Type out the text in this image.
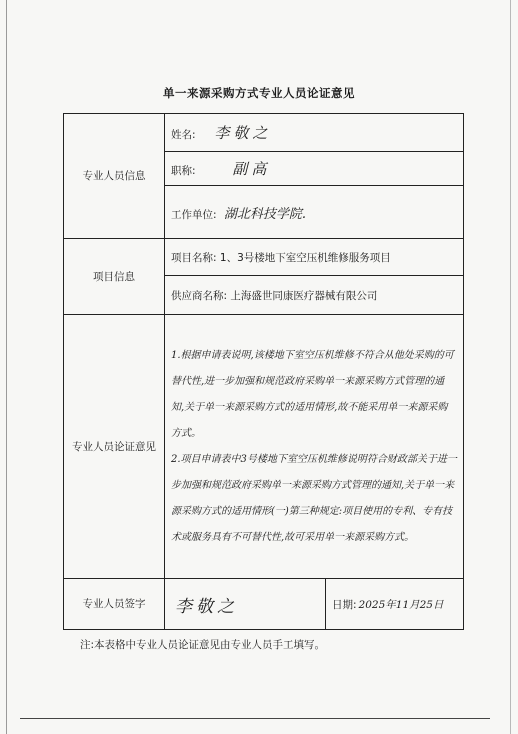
单一来源采购方式专业人员论证意见
专业人员信息	姓名: 李敬之
	职称: 副高
	工作单位: 湖北科技学院.
项目信息	项目名称: 1、3号楼地下室空压机维修服务项目
	供应商名称: 上海盛世同康医疗器械有限公司
专业人员论证意见	1.根据申请表说明,该楼地下室空压机维修不符合从他处采购的可替代性,进一步加强和规范政府采购单一来源采购方式管理的通知,关于单一来源采购方式的适用情形,故不能采用单一来源采购方式。

2.项目申请表中3号楼地下室空压机维修说明符合财政部关于进一步加强和规范政府采购单一来源采购方式管理的通知,关于单一来源采购方式的适用情形(一)第三种规定:项目使用的专利、专有技术或服务具有不可替代性,故可采用单一来源采购方式。

专业人员签字	李敬之 日期: 2025年11月25日
注:本表格中专业人员论证意见由专业人员手工填写。
